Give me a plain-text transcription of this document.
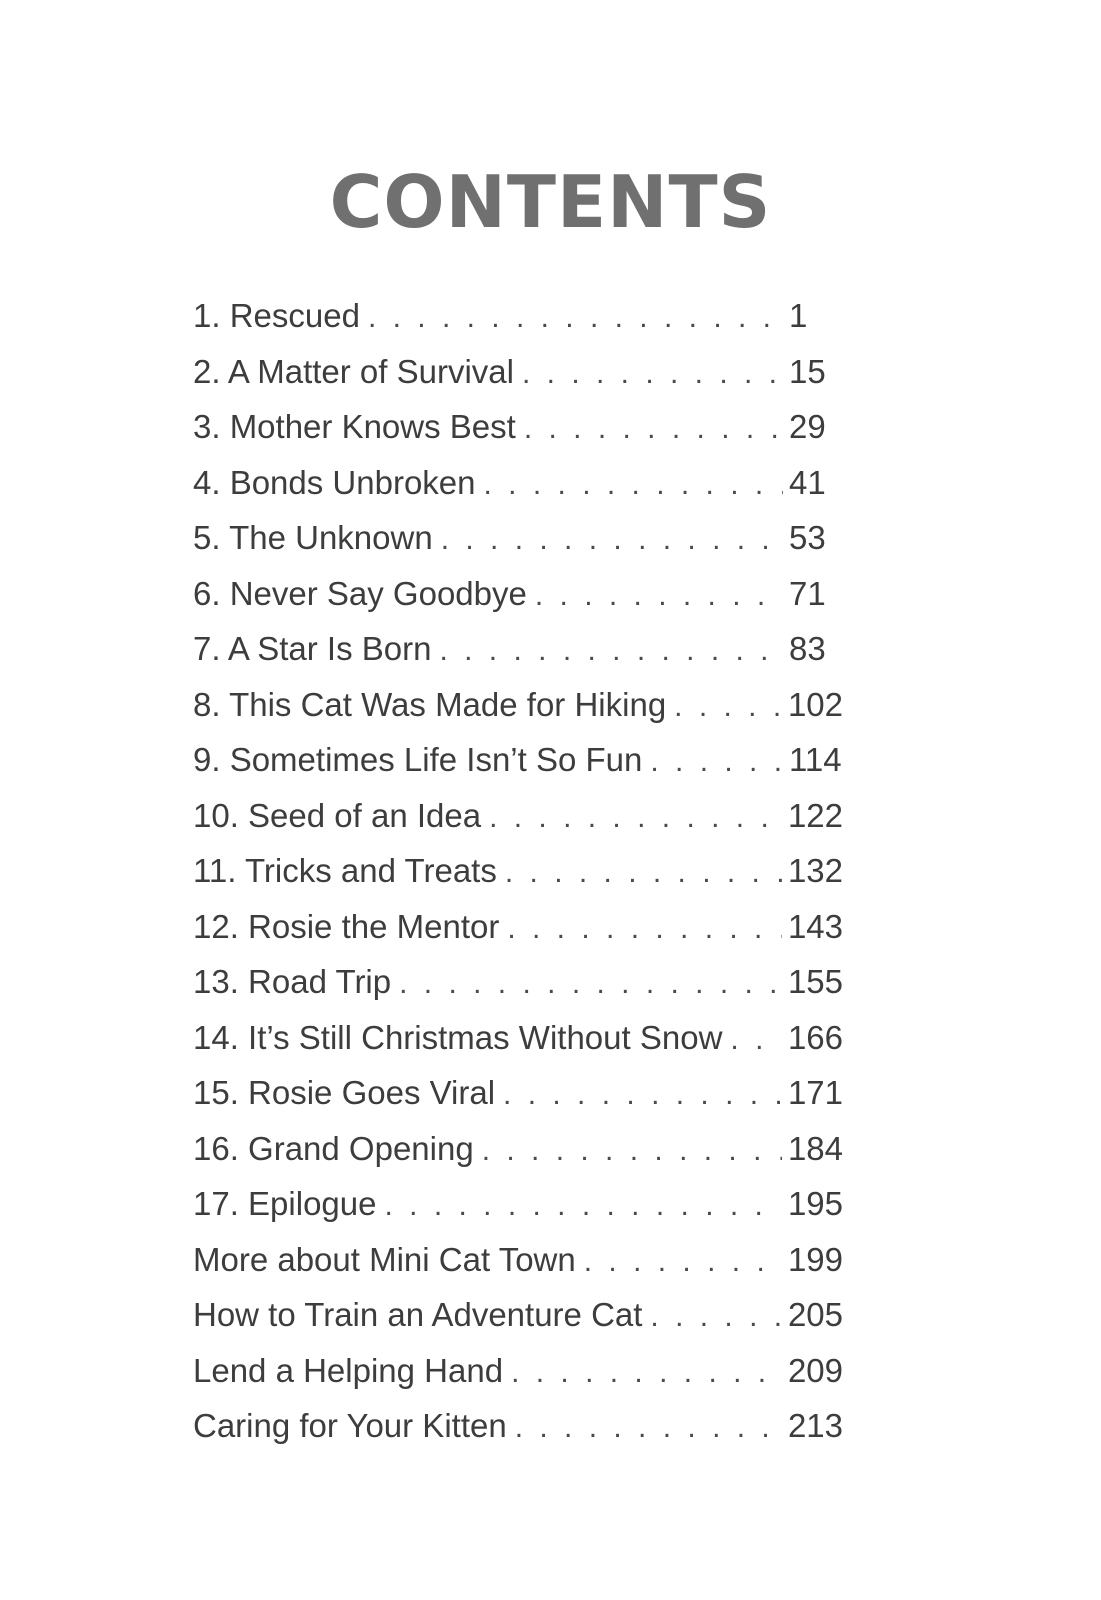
CONTENTS
1. Rescued . . .	1
2. A Matter of Survival . . .	15
3. Mother Knows Best . . .	29
4. Bonds Unbroken . . .	41
5. The Unknown . . .	53
6. Never Say Goodbye . . .	71
7. A Star Is Born . . .	83
8. This Cat Was Made for Hiking . . .	102
9. Sometimes Life Isn’t So Fun . . .	114
10. Seed of an Idea . . .	122
11. Tricks and Treats . . .	132
12. Rosie the Mentor . . .	143
13. Road Trip . . .	155
14. It’s Still Christmas Without Snow . . . 166
15. Rosie Goes Viral . . .	171
16. Grand Opening . . .	184
17. Epilogue . . .	195
More about Mini Cat Town . . .	199
How to Train an Adventure Cat . . .	205
Lend a Helping Hand . . .	209
Caring for Your Kitten . . .	213
